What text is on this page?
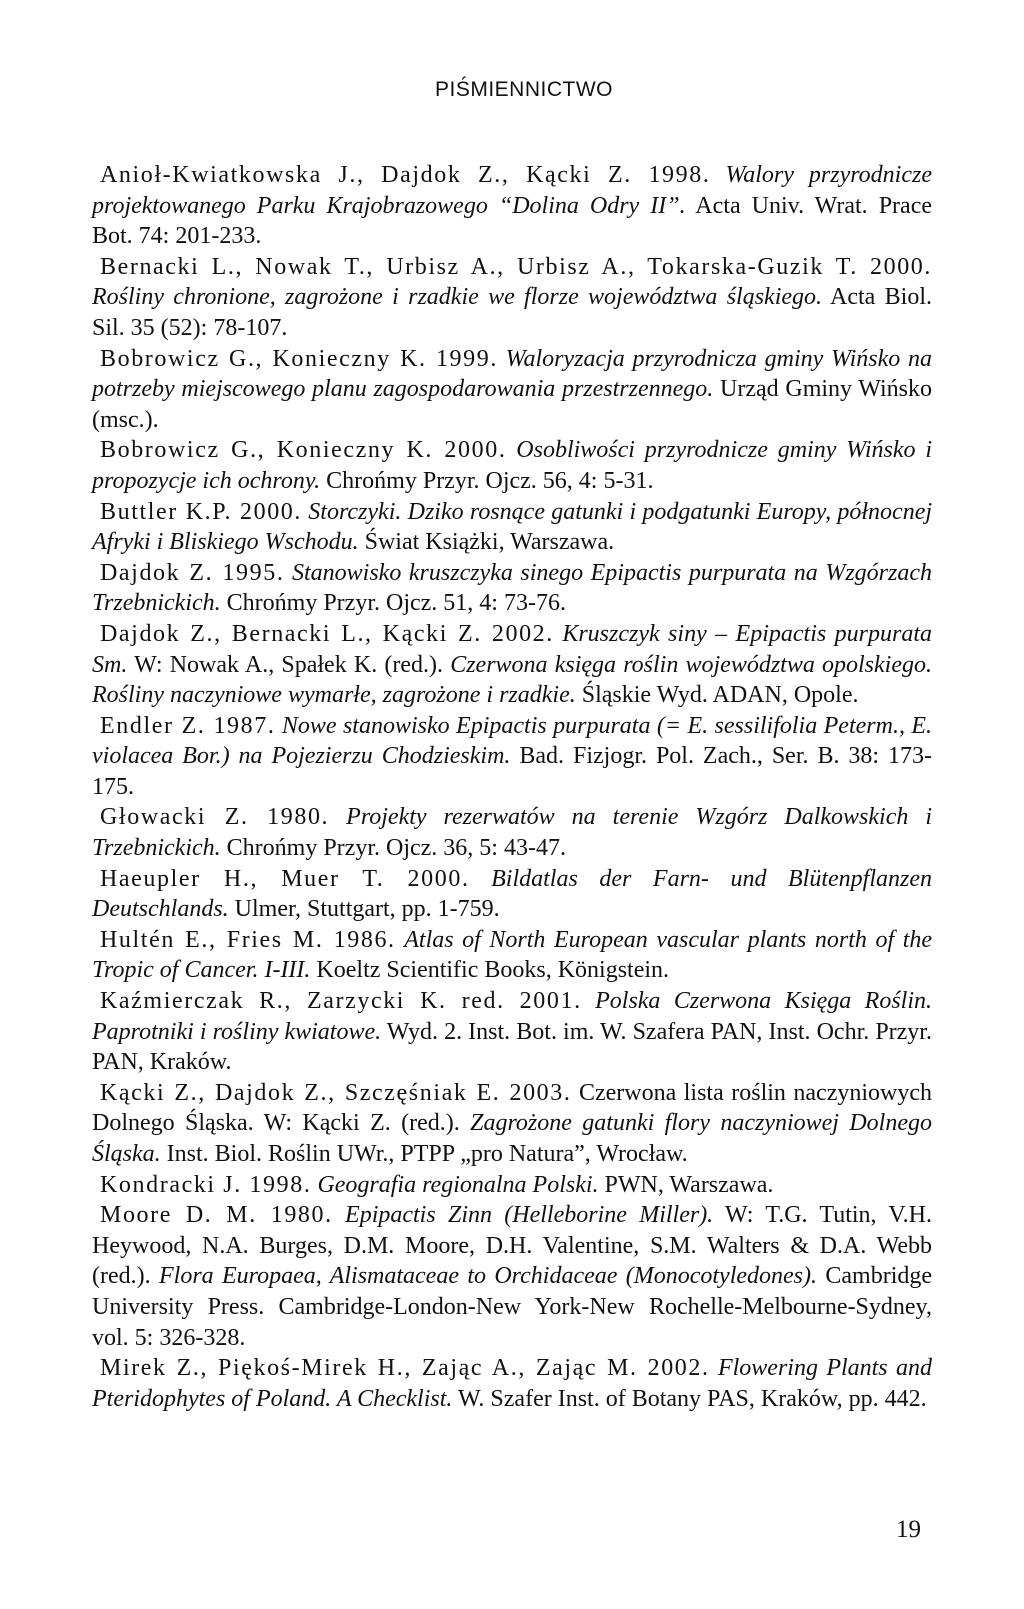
PIŚMIENNICTWO

Anioł-Kwiatkowska J., Dajdok Z., Kącki Z. 1998. Walory przyrodnicze projektowanego Parku Krajobrazowego “Dolina Odry II”. Acta Univ. Wrat. Prace Bot. 74: 201-233.

Bernacki L., Nowak T., Urbisz A., Urbisz A., Tokarska-Guzik T. 2000. Rośliny chronione, zagrożone i rzadkie we florze województwa śląskiego. Acta Biol. Sil. 35 (52): 78-107.

Bobrowicz G., Konieczny K. 1999. Waloryzacja przyrodnicza gminy Wińsko na potrzeby miejscowego planu zagospodarowania przestrzennego. Urząd Gminy Wińsko (msc.).

Bobrowicz G., Konieczny K. 2000. Osobliwości przyrodnicze gminy Wińsko i propozycje ich ochrony. Chrońmy Przyr. Ojcz. 56, 4: 5-31.

Buttler K.P. 2000. Storczyki. Dziko rosnące gatunki i podgatunki Europy, północnej Afryki i Bliskiego Wschodu. Świat Książki, Warszawa.

Dajdok Z. 1995. Stanowisko kruszczyka sinego Epipactis purpurata na Wzgórzach Trzebnickich. Chrońmy Przyr. Ojcz. 51, 4: 73-76.

Dajdok Z., Bernacki L., Kącki Z. 2002. Kruszczyk siny – Epipactis purpurata Sm. W: Nowak A., Spałek K. (red.). Czerwona księga roślin województwa opolskiego. Rośliny naczyniowe wymarłe, zagrożone i rzadkie. Śląskie Wyd. ADAN, Opole.

Endler Z. 1987. Nowe stanowisko Epipactis purpurata (= E. sessilifolia Peterm., E. violacea Bor.) na Pojezierzu Chodzieskim. Bad. Fizjogr. Pol. Zach., Ser. B. 38: 173-175.

Głowacki Z. 1980. Projekty rezerwatów na terenie Wzgórz Dalkowskich i Trzebnickich. Chrońmy Przyr. Ojcz. 36, 5: 43-47.

Haeupler H., Muer T. 2000. Bildatlas der Farn- und Blütenpflanzen Deutschlands. Ulmer, Stuttgart, pp. 1-759.

Hultén E., Fries M. 1986. Atlas of North European vascular plants north of the Tropic of Cancer. I-III. Koeltz Scientific Books, Königstein.

Kaźmierczak R., Zarzycki K. red. 2001. Polska Czerwona Księga Roślin. Paprotniki i rośliny kwiatowe. Wyd. 2. Inst. Bot. im. W. Szafera PAN, Inst. Ochr. Przyr. PAN, Kraków.

Kącki Z., Dajdok Z., Szczęśniak E. 2003. Czerwona lista roślin naczyniowych Dolnego Śląska. W: Kącki Z. (red.). Zagrożone gatunki flory naczyniowej Dolnego Śląska. Inst. Biol. Roślin UWr., PTPP „pro Natura”, Wrocław.

Kondracki J. 1998. Geografia regionalna Polski. PWN, Warszawa.

Moore D. M. 1980. Epipactis Zinn (Helleborine Miller). W: T.G. Tutin, V.H. Heywood, N.A. Burges, D.M. Moore, D.H. Valentine, S.M. Walters & D.A. Webb (red.). Flora Europaea, Alismataceae to Orchidaceae (Monocotyledones). Cambridge University Press. Cambridge-London-New York-New Rochelle-Melbourne-Sydney, vol. 5: 326-328.

Mirek Z., Piękoś-Mirek H., Zając A., Zając M. 2002. Flowering Plants and Pteridophytes of Poland. A Checklist. W. Szafer Inst. of Botany PAS, Kraków, pp. 442.

19
